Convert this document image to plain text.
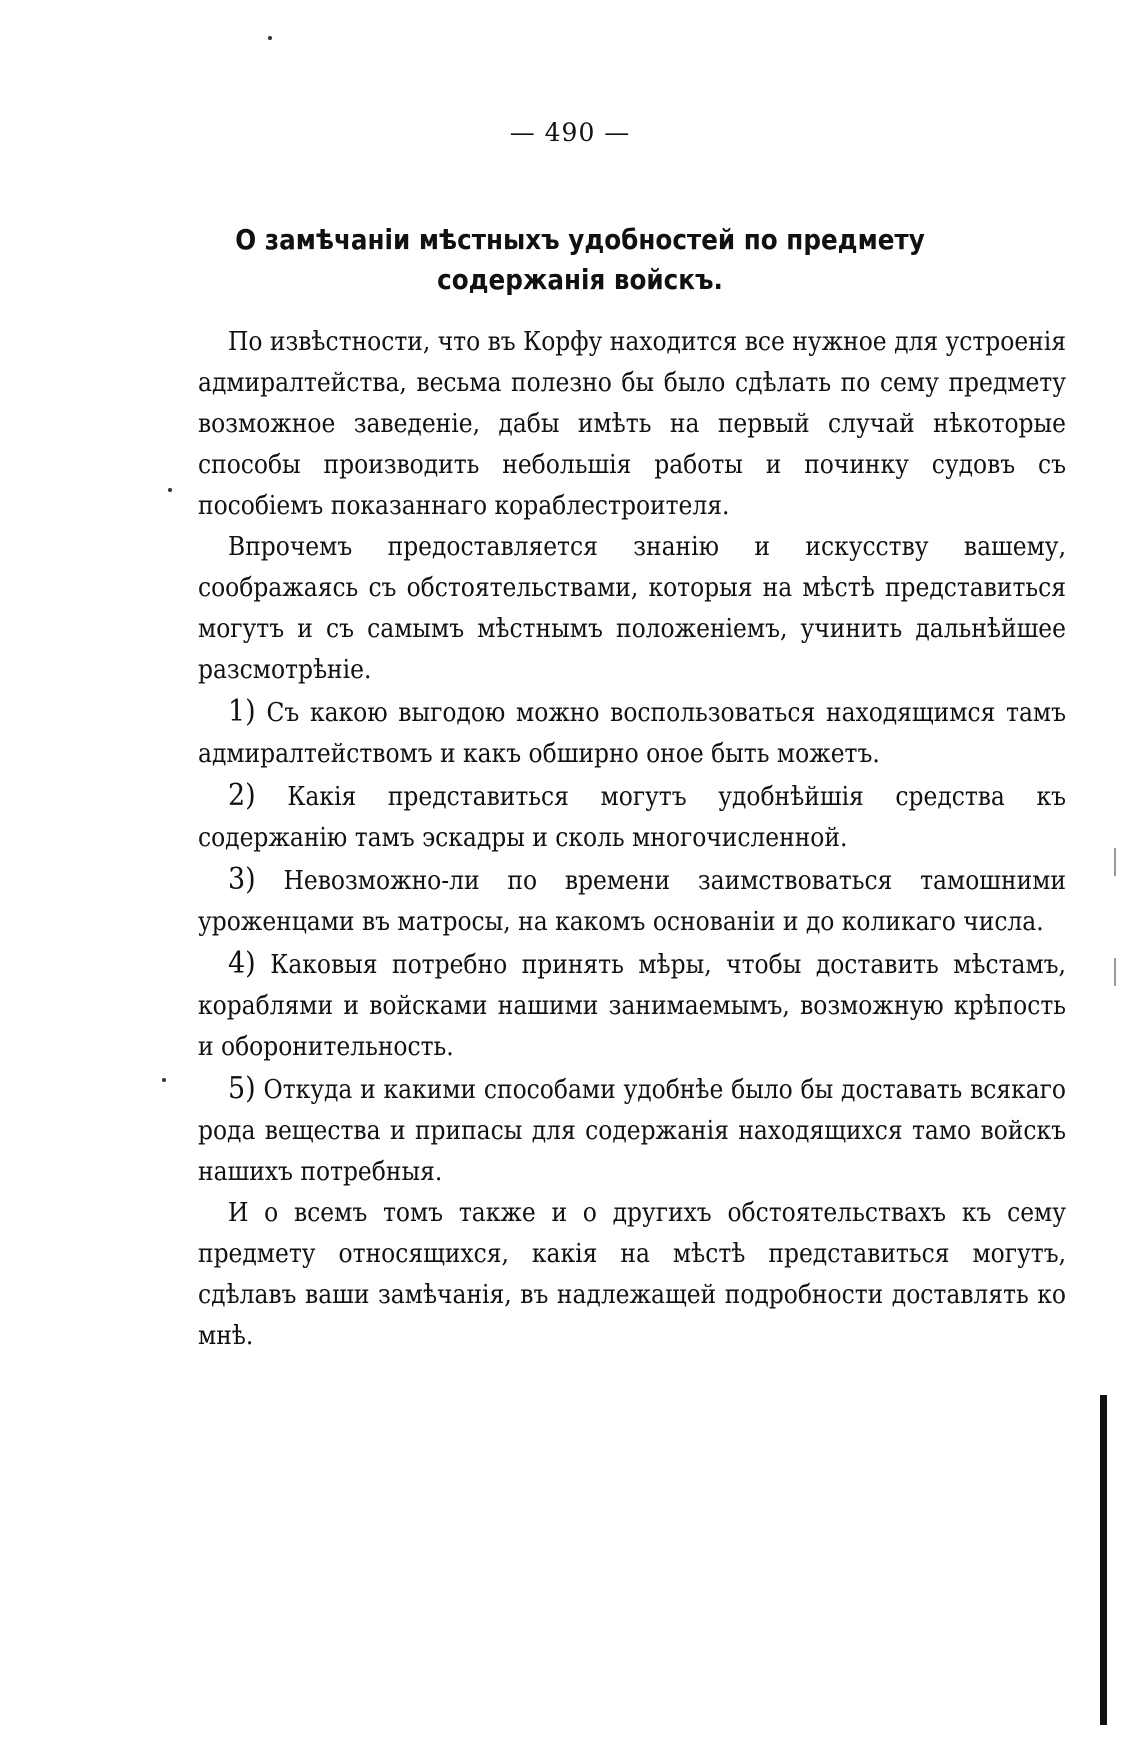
— 490 —
О замѣчаніи мѣстныхъ удобностей по предмету
содержанія войскъ.

По извѣстности, что въ Корфу находится все нужное для устроенія адмиралтейства, весьма полезно бы было сдѣлать по сему предмету возможное заведеніе, дабы имѣть на первый случай нѣкоторые способы производить небольшія работы и починку судовъ съ пособіемъ показаннаго кораблестроителя.

Впрочемъ предоставляется знанію и искусству вашему, соображаясь съ обстоятельствами, которыя на мѣстѣ представиться могутъ и съ самымъ мѣстнымъ положеніемъ, учинить дальнѣйшее разсмотрѣніе.

1) Съ какою выгодою можно воспользоваться находящимся тамъ адмиралтействомъ и какъ обширно оное быть можетъ.

2) Какія представиться могутъ удобнѣйшія средства къ содержанію тамъ эскадры и сколь многочисленной.

3) Невозможно-ли по времени заимствоваться тамошними уроженцами въ матросы, на какомъ основаніи и до коликаго числа.

4) Каковыя потребно принять мѣры, чтобы доставить мѣстамъ, кораблями и войсками нашими занимаемымъ, возможную крѣпость и оборонительность.

5) Откуда и какими способами удобнѣе было бы доставать всякаго рода вещества и припасы для содержанія находящихся тамо войскъ нашихъ потребныя.

И о всемъ томъ также и о другихъ обстоятельствахъ къ сему предмету относящихся, какія на мѣстѣ представиться могутъ, сдѣлавъ ваши замѣчанія, въ надлежащей подробности доставлять ко мнѣ.
